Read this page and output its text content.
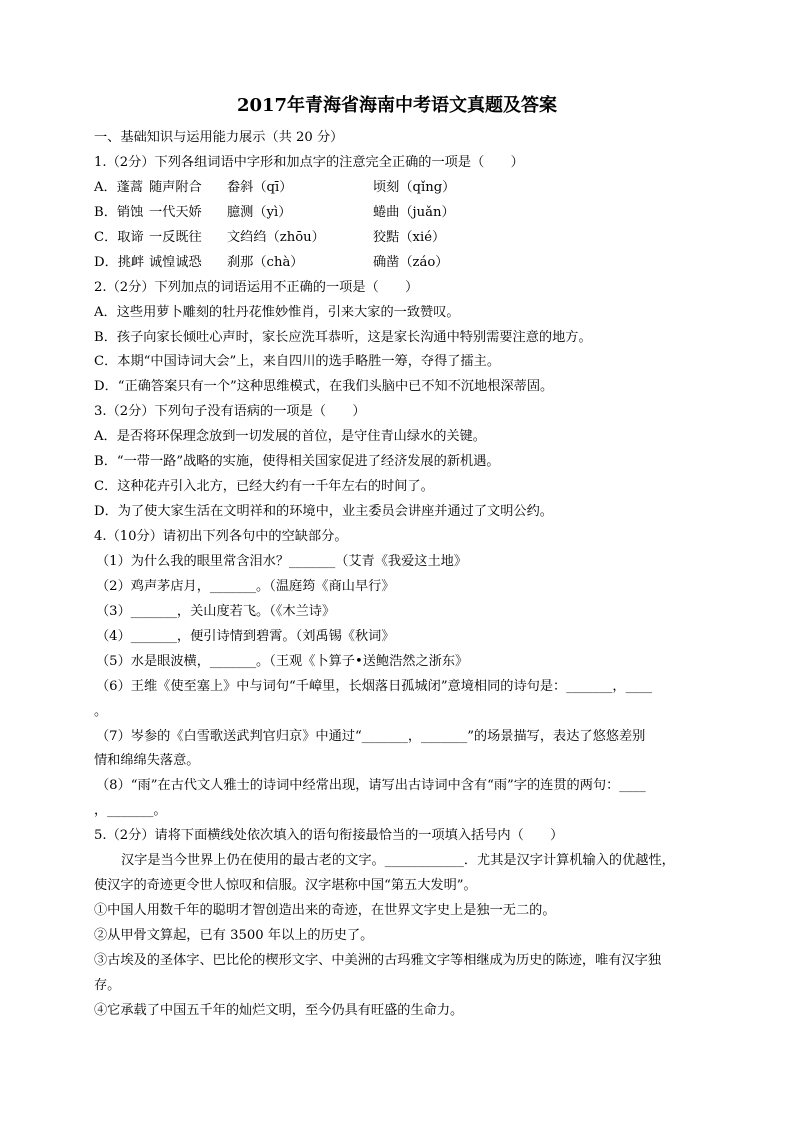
2017年青海省海南中考语文真题及答案
一、基础知识与运用能力展示（共 20 分）
1.（2分）下列各组词语中字形和加点字的注意完全正确的一项是（　　）
A．蓬蒿 随声附合 畚斜（qī）	顷刻（qǐng）
B．销蚀 一代天娇 臆测（yì）	蜷曲（juǎn）
C．取谛 一反既往 文绉绉（zhōu）	狡黠（xié）
D．挑衅 诚惶诚恐 刹那（chà）	确凿（záo）
2.（2分）下列加点的词语运用不正确的一项是（　　）
A．这些用萝卜雕刻的牡丹花惟妙惟肖，引来大家的一致赞叹。
B．孩子向家长倾吐心声时，家长应洗耳恭听，这是家长沟通中特别需要注意的地方。
C．本期“中国诗词大会”上，来自四川的选手略胜一筹，夺得了擂主。
D．“正确答案只有一个”这种思维模式，在我们头脑中已不知不沉地根深蒂固。
3.（2分）下列句子没有语病的一项是（　　）
A．是否将环保理念放到一切发展的首位，是守住青山绿水的关键。
B．“一带一路”战略的实施，使得相关国家促进了经济发展的新机遇。
C．这种花卉引入北方，已经大约有一千年左右的时间了。
D．为了使大家生活在文明祥和的环境中，业主委员会讲座并通过了文明公约。
4.（10分）请初出下列各句中的空缺部分。
（1）为什么我的眼里常含泪水？_______（艾青《我爱这土地》
（2）鸡声茅店月，_______。（温庭筠《商山早行》
（3）_______，关山度若飞。（《木兰诗》
（4）_______，便引诗情到碧霄。（刘禹锡《秋词》
（5）水是眼波横，_______。（王观《卜算子•送鲍浩然之浙东》
（6）王维《使至塞上》中与词句“千嶂里，长烟落日孤城闭”意境相同的诗句是：_______，____
。
（7）岑参的《白雪歌送武判官归京》中通过“_______，_______”的场景描写，表达了悠悠差别
情和绵绵失落意。
（8）“雨”在古代文人雅士的诗词中经常出现，请写出古诗词中含有“雨”字的连贯的两句：____
，_______。
5.（2分）请将下面横线处依次填入的语句衔接最恰当的一项填入括号内（　　）
汉字是当今世界上仍在使用的最古老的文字。____________．尤其是汉字计算机输入的优越性，
使汉字的奇迹更令世人惊叹和信服。汉字堪称中国“第五大发明”。
①中国人用数千年的聪明才智创造出来的奇迹，在世界文字史上是独一无二的。
②从甲骨文算起，已有 3500 年以上的历史了。
③古埃及的圣体字、巴比伦的楔形文字、中美洲的古玛雅文字等相继成为历史的陈迹，唯有汉字独
存。
④它承载了中国五千年的灿烂文明，至今仍具有旺盛的生命力。
